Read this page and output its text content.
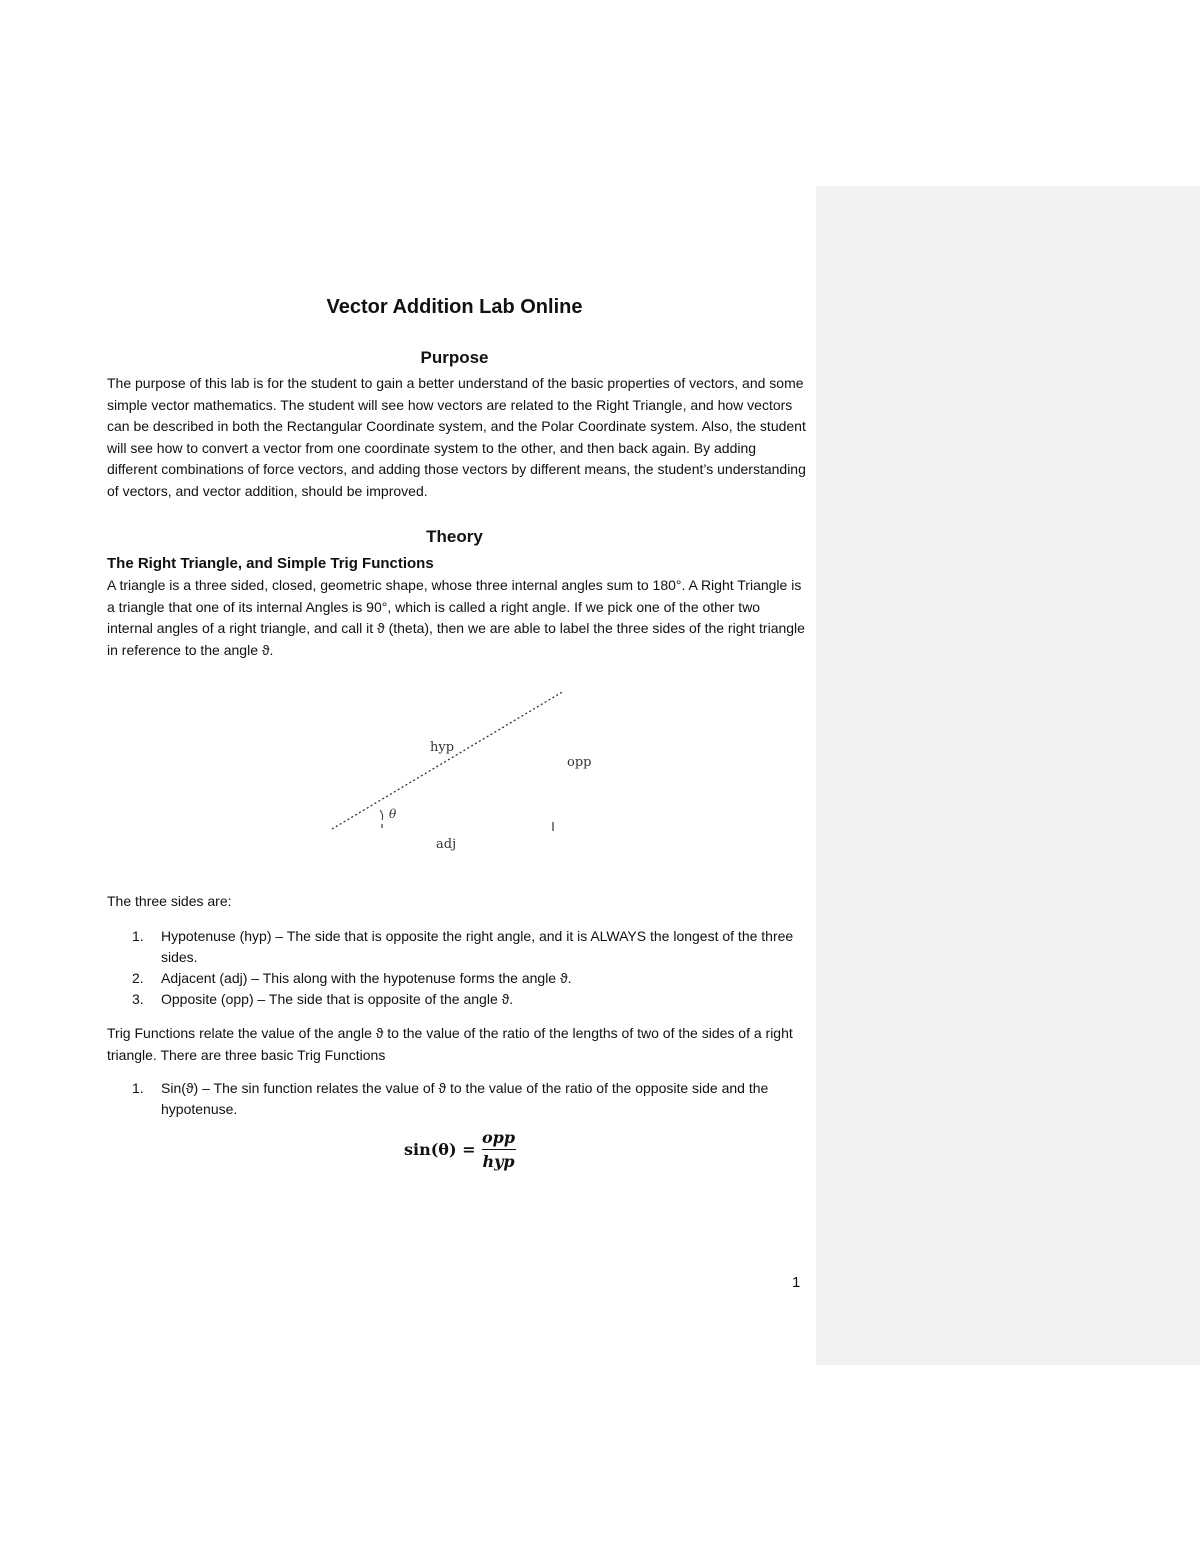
Vector Addition Lab Online
Purpose
The purpose of this lab is for the student to gain a better understand of the basic properties of vectors, and some simple vector mathematics. The student will see how vectors are related to the Right Triangle, and how vectors can be described in both the Rectangular Coordinate system, and the Polar Coordinate system. Also, the student will see how to convert a vector from one coordinate system to the other, and then back again. By adding different combinations of force vectors, and adding those vectors by different means, the student’s understanding of vectors, and vector addition, should be improved.
Theory
The Right Triangle, and Simple Trig Functions
A triangle is a three sided, closed, geometric shape, whose three internal angles sum to 180°. A Right Triangle is a triangle that one of its internal Angles is 90°, which is called a right angle. If we pick one of the other two internal angles of a right triangle, and call it ϑ (theta), then we are able to label the three sides of the right triangle in reference to the angle ϑ.
hyp
opp
adj
θ
The three sides are:
1. Hypotenuse (hyp) – The side that is opposite the right angle, and it is ALWAYS the longest of the three sides.
2. Adjacent (adj) – This along with the hypotenuse forms the angle ϑ.
3. Opposite (opp) – The side that is opposite of the angle ϑ.
Trig Functions relate the value of the angle ϑ to the value of the ratio of the lengths of two of the sides of a right triangle. There are three basic Trig Functions
1. Sin(ϑ) – The sin function relates the value of ϑ to the value of the ratio of the opposite side and the hypotenuse.
$\sin(\theta) = \frac{\text{opp}}{\text{hyp}}$
1
